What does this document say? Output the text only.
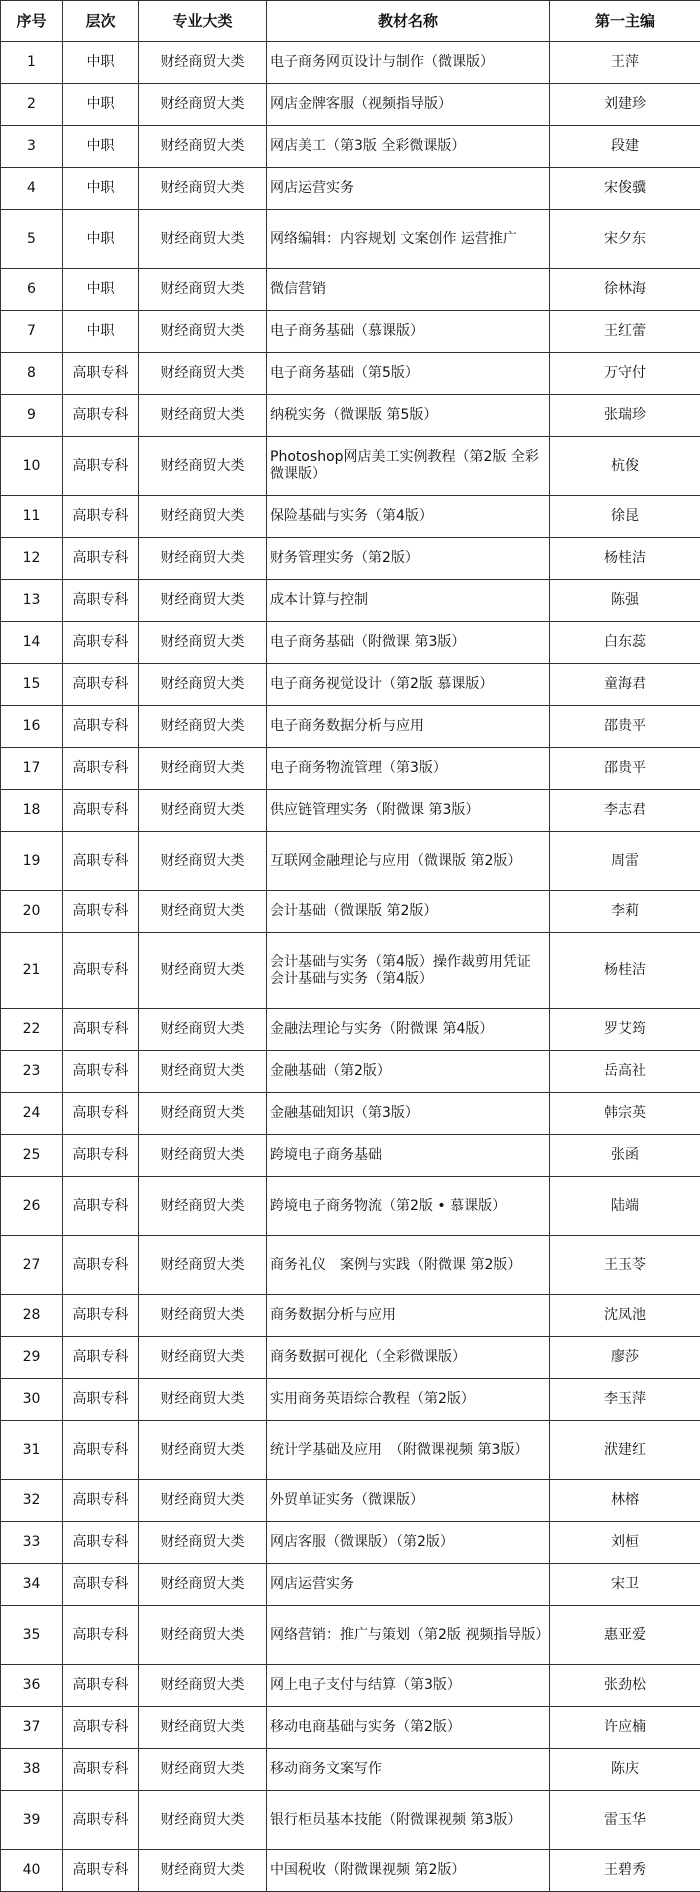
序号	层次	专业大类	教材名称	第一主编
1	中职	财经商贸大类	电子商务网页设计与制作（微课版）	王萍
2	中职	财经商贸大类	网店金牌客服（视频指导版）	刘建珍
3	中职	财经商贸大类	网店美工（第3版 全彩微课版）	段建
4	中职	财经商贸大类	网店运营实务	宋俊骥
5	中职	财经商贸大类	网络编辑：内容规划 文案创作 运营推广	宋夕东
6	中职	财经商贸大类	微信营销	徐林海
7	中职	财经商贸大类	电子商务基础（慕课版）	王红蕾
8	高职专科	财经商贸大类	电子商务基础（第5版）	万守付
9	高职专科	财经商贸大类	纳税实务（微课版 第5版）	张瑞珍
10	高职专科	财经商贸大类	Photoshop网店美工实例教程（第2版 全彩微课版）	杭俊
11	高职专科	财经商贸大类	保险基础与实务（第4版）	徐昆
12	高职专科	财经商贸大类	财务管理实务（第2版）	杨桂洁
13	高职专科	财经商贸大类	成本计算与控制	陈强
14	高职专科	财经商贸大类	电子商务基础（附微课 第3版）	白东蕊
15	高职专科	财经商贸大类	电子商务视觉设计（第2版 慕课版）	童海君
16	高职专科	财经商贸大类	电子商务数据分析与应用	邵贵平
17	高职专科	财经商贸大类	电子商务物流管理（第3版）	邵贵平
18	高职专科	财经商贸大类	供应链管理实务（附微课 第3版）	李志君
19	高职专科	财经商贸大类	互联网金融理论与应用（微课版 第2版）	周雷
20	高职专科	财经商贸大类	会计基础（微课版 第2版）	李莉
21	高职专科	财经商贸大类	会计基础与实务（第4版）操作裁剪用凭证 会计基础与实务（第4版）	杨桂洁
22	高职专科	财经商贸大类	金融法理论与实务（附微课 第4版）	罗艾筠
23	高职专科	财经商贸大类	金融基础（第2版）	岳高社
24	高职专科	财经商贸大类	金融基础知识（第3版）	韩宗英
25	高职专科	财经商贸大类	跨境电子商务基础	张函
26	高职专科	财经商贸大类	跨境电子商务物流（第2版 • 慕课版）	陆端
27	高职专科	财经商贸大类	商务礼仪　案例与实践（附微课 第2版）	王玉苓
28	高职专科	财经商贸大类	商务数据分析与应用	沈凤池
29	高职专科	财经商贸大类	商务数据可视化（全彩微课版）	廖莎
30	高职专科	财经商贸大类	实用商务英语综合教程（第2版）	李玉萍
31	高职专科	财经商贸大类	统计学基础及应用　（附微课视频 第3版）	洑建红
32	高职专科	财经商贸大类	外贸单证实务（微课版）	林榕
33	高职专科	财经商贸大类	网店客服（微课版）（第2版）	刘桓
34	高职专科	财经商贸大类	网店运营实务	宋卫
35	高职专科	财经商贸大类	网络营销：推广与策划（第2版 视频指导版）	惠亚爱
36	高职专科	财经商贸大类	网上电子支付与结算（第3版）	张劲松
37	高职专科	财经商贸大类	移动电商基础与实务（第2版）	许应楠
38	高职专科	财经商贸大类	移动商务文案写作	陈庆
39	高职专科	财经商贸大类	银行柜员基本技能（附微课视频 第3版）	雷玉华
40	高职专科	财经商贸大类	中国税收（附微课视频 第2版）	王碧秀
